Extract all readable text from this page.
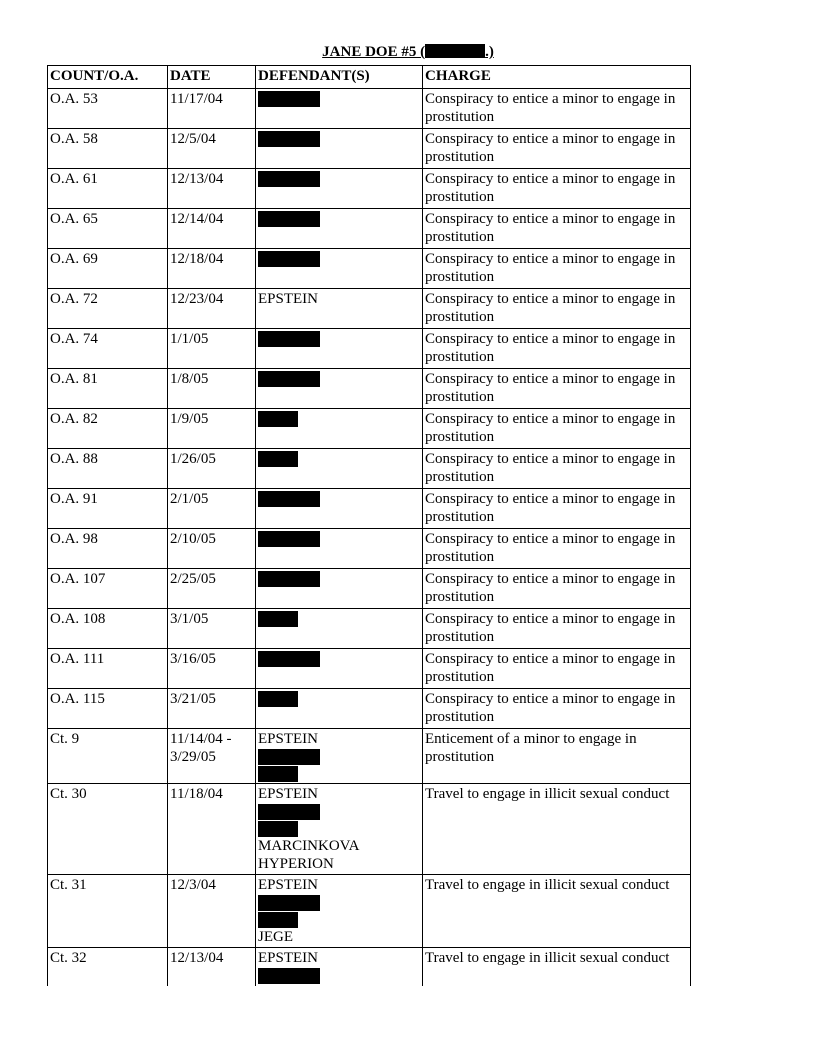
JANE DOE #5 (	.)
COUNT/O.A.	DATE	DEFENDANT(S)	CHARGE
O.A. 53	11/17/04		Conspiracy to entice a minor to engage in prostitution
O.A. 58	12/5/04		Conspiracy to entice a minor to engage in prostitution
O.A. 61	12/13/04		Conspiracy to entice a minor to engage in prostitution
O.A. 65	12/14/04		Conspiracy to entice a minor to engage in prostitution
O.A. 69	12/18/04		Conspiracy to entice a minor to engage in prostitution
O.A. 72	12/23/04	EPSTEIN	Conspiracy to entice a minor to engage in prostitution
O.A. 74	1/1/05		Conspiracy to entice a minor to engage in prostitution
O.A. 81	1/8/05		Conspiracy to entice a minor to engage in prostitution
O.A. 82	1/9/05		Conspiracy to entice a minor to engage in prostitution
O.A. 88	1/26/05		Conspiracy to entice a minor to engage in prostitution
O.A. 91	2/1/05		Conspiracy to entice a minor to engage in prostitution
O.A. 98	2/10/05		Conspiracy to entice a minor to engage in prostitution
O.A. 107	2/25/05		Conspiracy to entice a minor to engage in prostitution
O.A. 108	3/1/05		Conspiracy to entice a minor to engage in prostitution
O.A. 111	3/16/05		Conspiracy to entice a minor to engage in prostitution
O.A. 115	3/21/05		Conspiracy to entice a minor to engage in prostitution
Ct. 9	11/14/04 - 3/29/05	EPSTEIN	Enticement of a minor to engage in prostitution
Ct. 30	11/18/04	EPSTEIN
MARCINKOVA
HYPERION	Travel to engage in illicit sexual conduct
Ct. 31	12/3/04	EPSTEIN
JEGE	Travel to engage in illicit sexual conduct
Ct. 32	12/13/04	EPSTEIN	Travel to engage in illicit sexual conduct
